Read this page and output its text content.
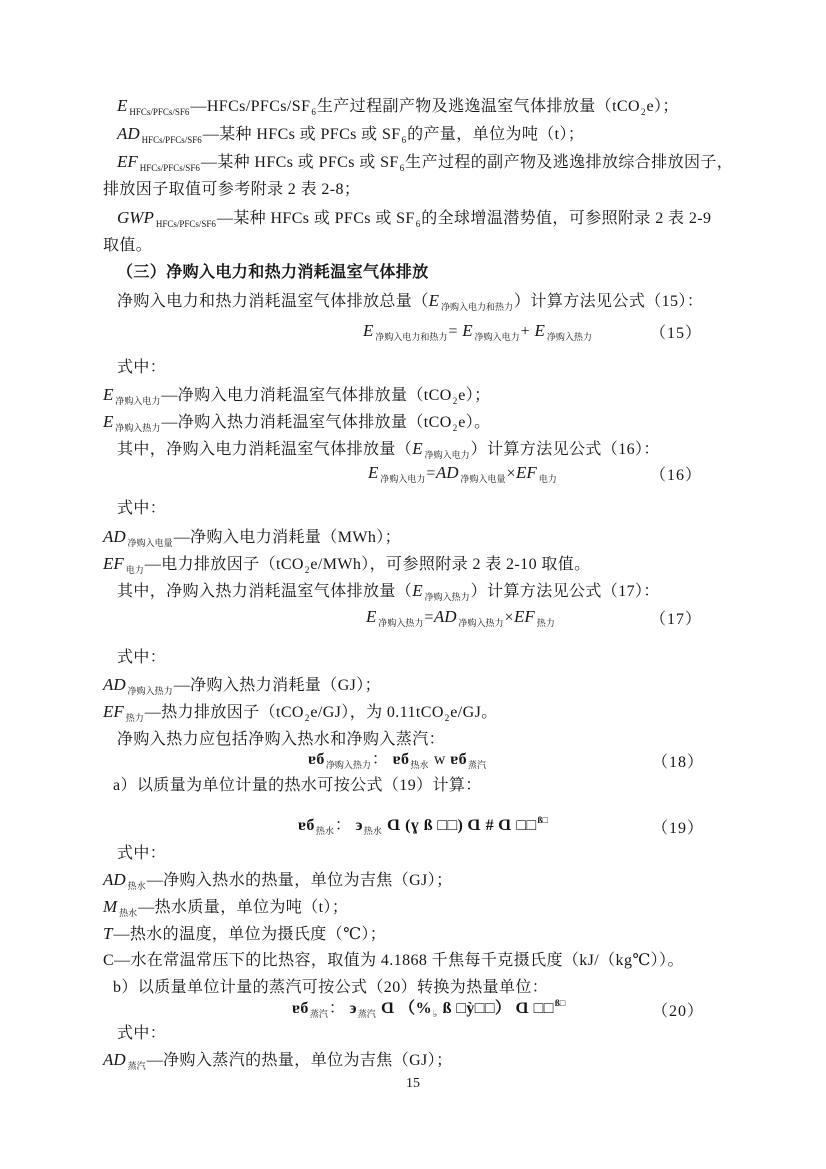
E $_{HFCs/PFCs/SF6}—HFCs/PFCs/SF_6$生产过程副产物及逃逸温室气体排放量（tCO$_2$e）；
AD $_{HFCs/PFCs/SF6}$—某种 HFCs 或 PFCs 或 $SF_6$的产量，单位为吨（t）；
EF $_{HFCs/PFCs/SF6}$—某种 HFCs 或 PFCs 或 $SF_6$生产过程的副产物及逃逸排放综合排放因子，
排放因子取值可参考附录 2 表 2-8；
GWP $_{HFCs/PFCs/SF6}$—某种 HFCs 或 PFCs 或 $SF_6$的全球增温潜势值，可参照附录 2 表 2-9
取值。
（三）净购入电力和热力消耗温室气体排放
净购入电力和热力消耗温室气体排放总量（E $_{净购入电力和热力}$）计算方法见公式（15）：
E $_{净购入电力和热力}$= E $_{净购入电力}$+ E $_{净购入热力}$	（15）
式中：
E $_{净购入电力}$—净购入电力消耗温室气体排放量（tCO$_2$e）；
E $_{净购入热力}$—净购入热力消耗温室气体排放量（tCO$_2$e）。
其中，净购入电力消耗温室气体排放量（E $_{净购入电力}$）计算方法见公式（16）：
E $_{净购入电力}$=AD $_{净购入电量}$×EF $_{电力}$	（16）
式中：
AD $_{净购入电量}$—净购入电力消耗量（MWh）；
EF $_{电力}$—电力排放因子（tCO$_2$e/MWh），可参照附录 2 表 2-10 取值。
其中，净购入热力消耗温室气体排放量（E $_{净购入热力}$）计算方法见公式（17）：
E $_{净购入热力}$=AD $_{净购入热力}$×EF $_{热力}$	（17）
式中：
AD $_{净购入热力}$—净购入热力消耗量（GJ）；
EF $_{热力}$—热力排放因子（tCO$_2$e/GJ），为 0.11tCO$_2$e/GJ。
净购入热力应包括净购入热水和净购入蒸汽：
ɐб$_{净购入热力}$： ɐб$_{热水}$ w ɐб$_{蒸汽}$	（18）
a）以质量为单位计量的热水可按公式（19）计算：
ɐб$_{热水}$： $϶_{热水}$ Ɑ (ɣ ß □□) Ɑ # Ɑ □□$^{ß□}$	（19）
式中：
AD $_{热水}$—净购入热水的热量，单位为吉焦（GJ）；
M $_{热水}$—热水质量，单位为吨（t）；
T—热水的温度，单位为摄氏度（℃）；
C—水在常温常压下的比热容，取值为 4.1868 千焦每千克摄氏度（kJ/（kg℃））。
b）以质量单位计量的蒸汽可按公式（20）转换为热量单位：
ɐб$_{蒸汽}$： $϶_{蒸汽}$ Ɑ （$\%_♭$ ß □ỳ□□） Ɑ □□$^{ß□}$	（20）
式中：
AD $_{蒸汽}$—净购入蒸汽的热量，单位为吉焦（GJ）；
15
